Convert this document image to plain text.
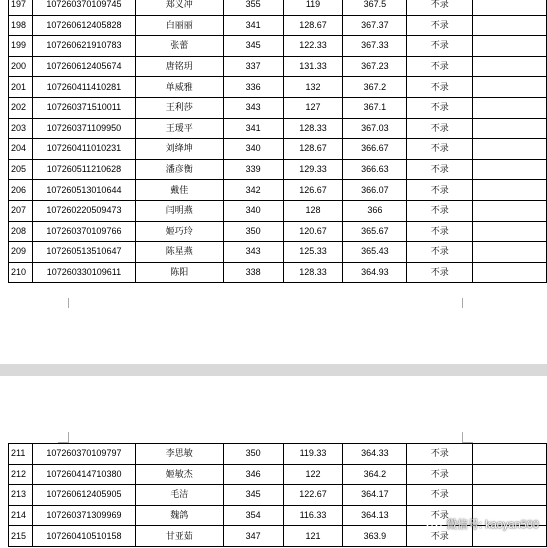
197	107260370109745	郑义冲	355	119	367.5	不录	
198	107260612405828	白丽丽	341	128.67	367.37	不录	
199	107260621910783	张蕾	345	122.33	367.33	不录	
200	107260612405674	唐铭玥	337	131.33	367.23	不录	
201	107260411410281	单威雅	336	132	367.2	不录	
202	107260371510011	王利莎	343	127	367.1	不录	
203	107260371109950	王瑷平	341	128.33	367.03	不录	
204	107260411010231	刘绛坤	340	128.67	366.67	不录	
205	107260511210628	潘彦衡	339	129.33	366.63	不录	
206	107260513010644	戴佳	342	126.67	366.07	不录	
207	107260220509473	闫明燕	340	128	366	不录	
208	107260370109766	姬巧玲	350	120.67	365.67	不录	
209	107260513510647	陈星燕	343	125.33	365.43	不录	
210	107260330109611	陈阳	338	128.33	364.93	不录	
211	107260370109797	李思敏	350	119.33	364.33	不录	
212	107260414710380	姬敏杰	346	122	364.2	不录	
213	107260612405905	毛洁	345	122.67	364.17	不录	
214	107260371309969	魏鸽	354	116.33	364.13	不录	
215	107260410510158	甘亚茹	347	121	363.9	不录	
微信号: kaoyan500
